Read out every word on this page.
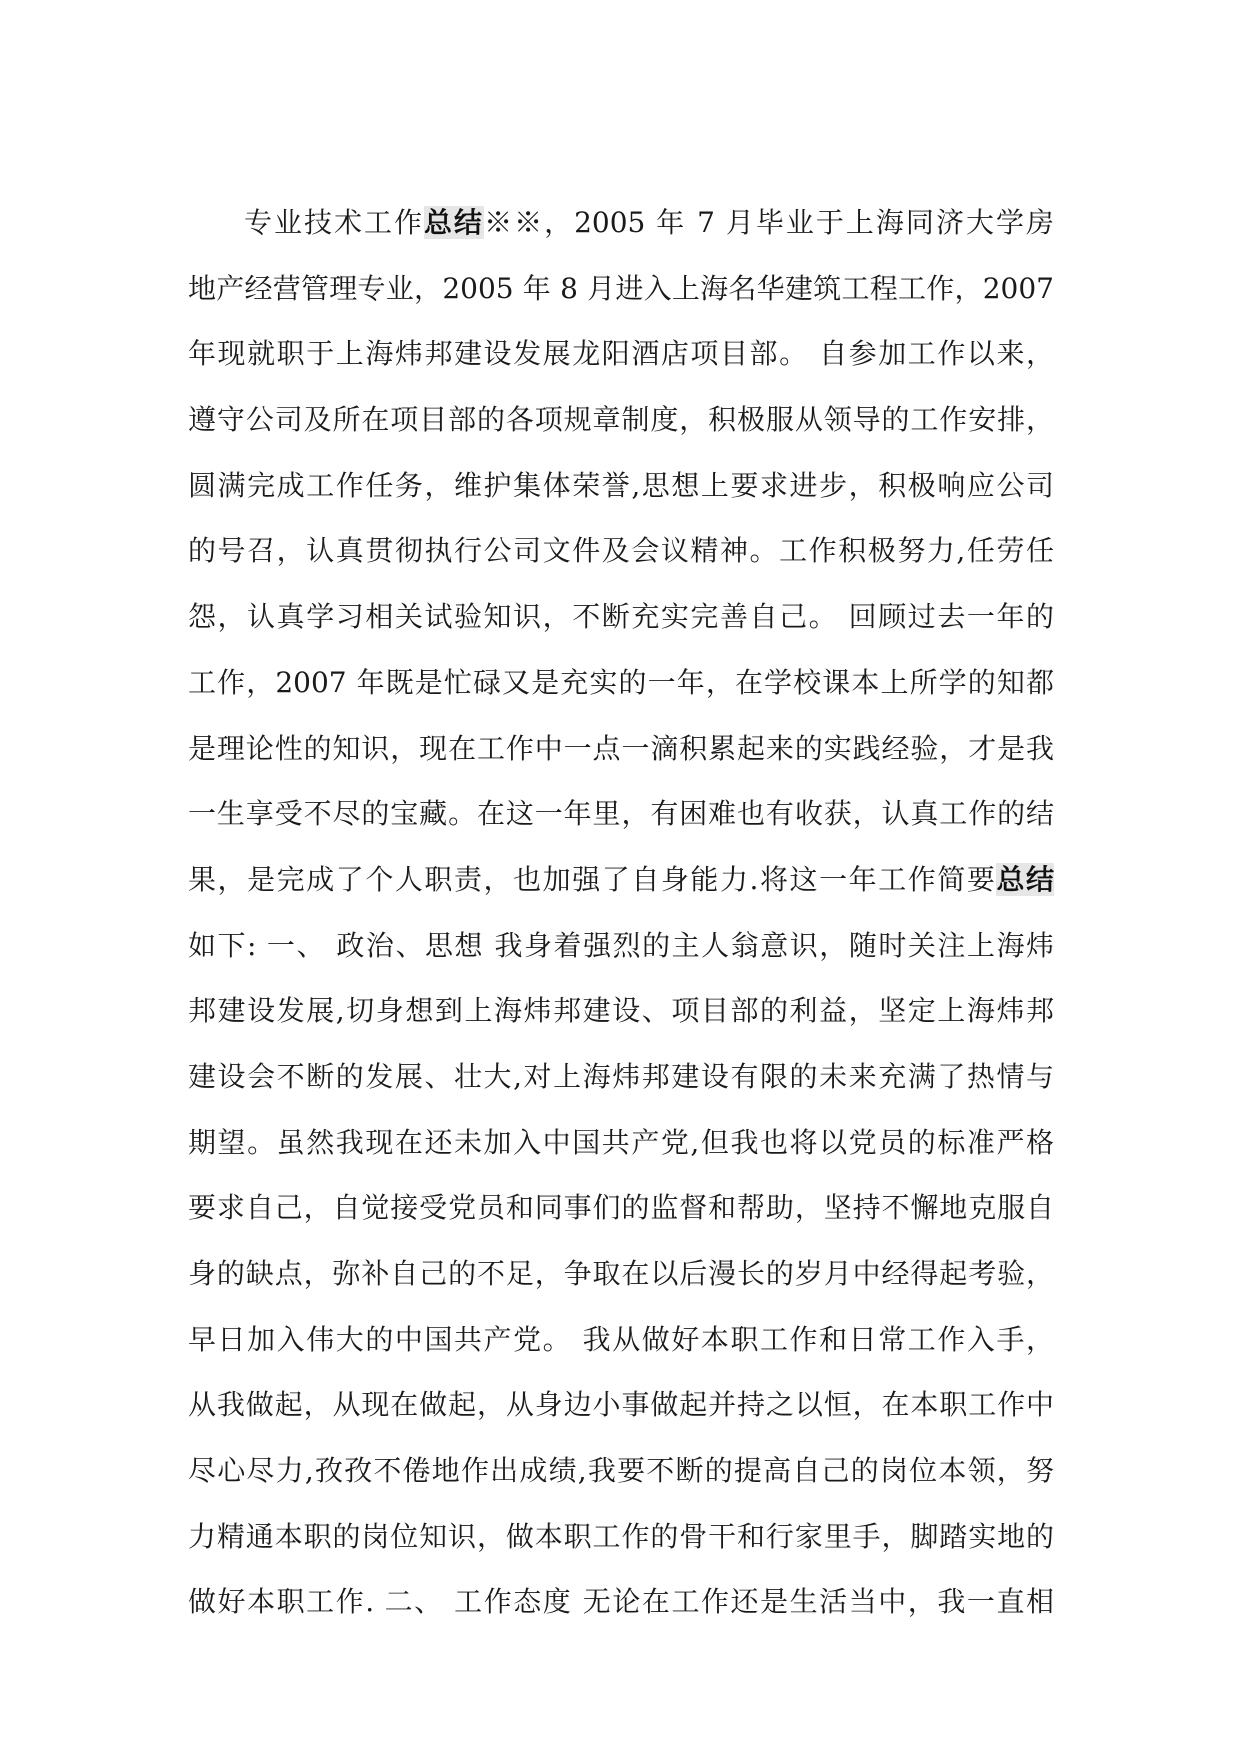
专业技术工作总结※※，2005 年 7 月毕业于上海同济大学房
地产经营管理专业，2005 年 8 月进入上海名华建筑工程工作，2007
年现就职于上海炜邦建设发展龙阳酒店项目部。 自参加工作以来，
遵守公司及所在项目部的各项规章制度，积极服从领导的工作安排，
圆满完成工作任务，维护集体荣誉,思想上要求进步，积极响应公司
的号召，认真贯彻执行公司文件及会议精神。工作积极努力,任劳任
怨，认真学习相关试验知识，不断充实完善自己。 回顾过去一年的
工作，2007 年既是忙碌又是充实的一年，在学校课本上所学的知都
是理论性的知识，现在工作中一点一滴积累起来的实践经验，才是我
一生享受不尽的宝藏。在这一年里，有困难也有收获，认真工作的结
果，是完成了个人职责，也加强了自身能力.将这一年工作简要总结
如下: 一、 政治、思想 我身着强烈的主人翁意识，随时关注上海炜
邦建设发展,切身想到上海炜邦建设、项目部的利益，坚定上海炜邦
建设会不断的发展、壮大,对上海炜邦建设有限的未来充满了热情与
期望。虽然我现在还未加入中国共产党,但我也将以党员的标准严格
要求自己，自觉接受党员和同事们的监督和帮助，坚持不懈地克服自
身的缺点，弥补自己的不足，争取在以后漫长的岁月中经得起考验，
早日加入伟大的中国共产党。 我从做好本职工作和日常工作入手，
从我做起，从现在做起，从身边小事做起并持之以恒，在本职工作中
尽心尽力,孜孜不倦地作出成绩,我要不断的提高自己的岗位本领，努
力精通本职的岗位知识，做本职工作的骨干和行家里手，脚踏实地的
做好本职工作. 二、 工作态度 无论在工作还是生活当中，我一直相
